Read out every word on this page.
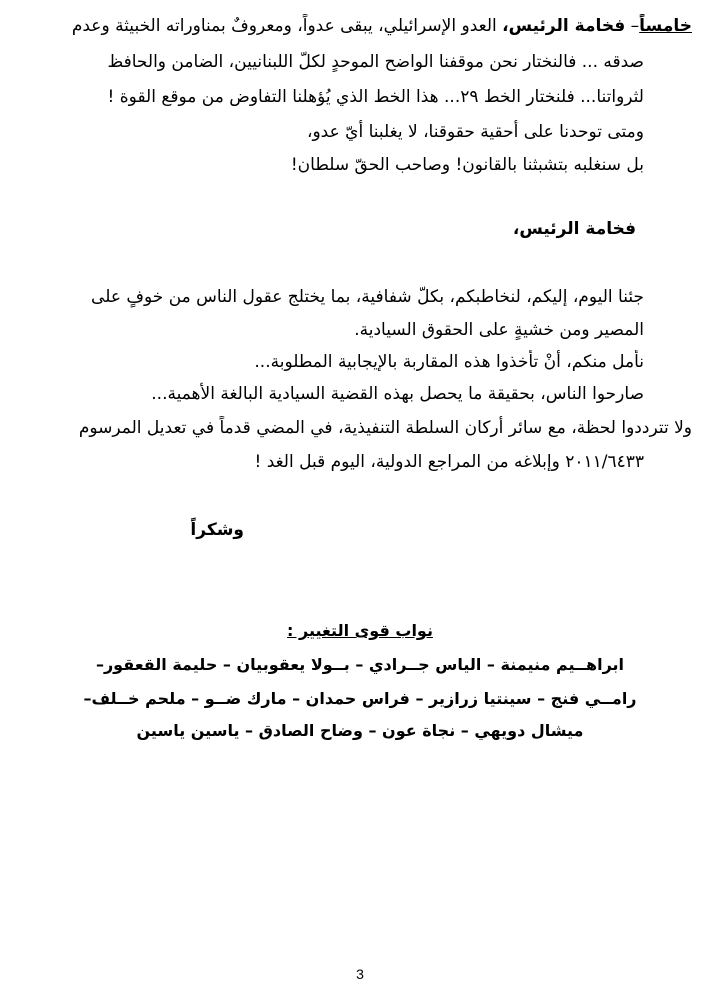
خامساً– فخامة الرئيس، العدو الإسرائيلي، يبقى عدواً، ومعروفٌ بمناوراته الخبيثة وعدم
صدقه ... فالنختار نحن موقفنا الواضح الموحدٍ لكلّ اللبنانيين، الضامن والحافظ
لثرواتنا... فلنختار الخط ٢٩... هذا الخط الذي يُؤهلنا التفاوض من موقع القوة !
ومتى توحدنا على أحقية حقوقنا، لا يغلبنا أيّ عدو،
بل سنغلبه بتشبثنا بالقانون! وصاحب الحقّ سلطان!
فخامة الرئيس،
جئنا اليوم، إليكم، لنخاطبكم، بكلّ شفافية، بما يختلج عقول الناس من خوفٍ على
المصير ومن خشيةٍ على الحقوق السيادية.
نأمل منكم، أنْ تأخذوا هذه المقاربة بالإيجابية المطلوبة...
صارحوا الناس، بحقيقة ما يحصل بهذه القضية السيادية البالغة الأهمية...
ولا تترددوا لحظة، مع سائر أركان السلطة التنفيذية، في المضي قدماً في تعديل المرسوم
٢٠١١/٦٤٣٣ وإبلاغه من المراجع الدولية، اليوم قبل الغد !
وشكراً
نواب قوى التغيير :
ابراهــيم منيمنة – الياس جــرادي – بــولا يعقوبيان – حليمة القعقور–
رامــي فنج – سينتيا زرازير – فراس حمدان – مارك ضــو – ملحم خــلف–
ميشال دويهي – نجاة عون – وضاح الصادق – ياسين ياسين
3
